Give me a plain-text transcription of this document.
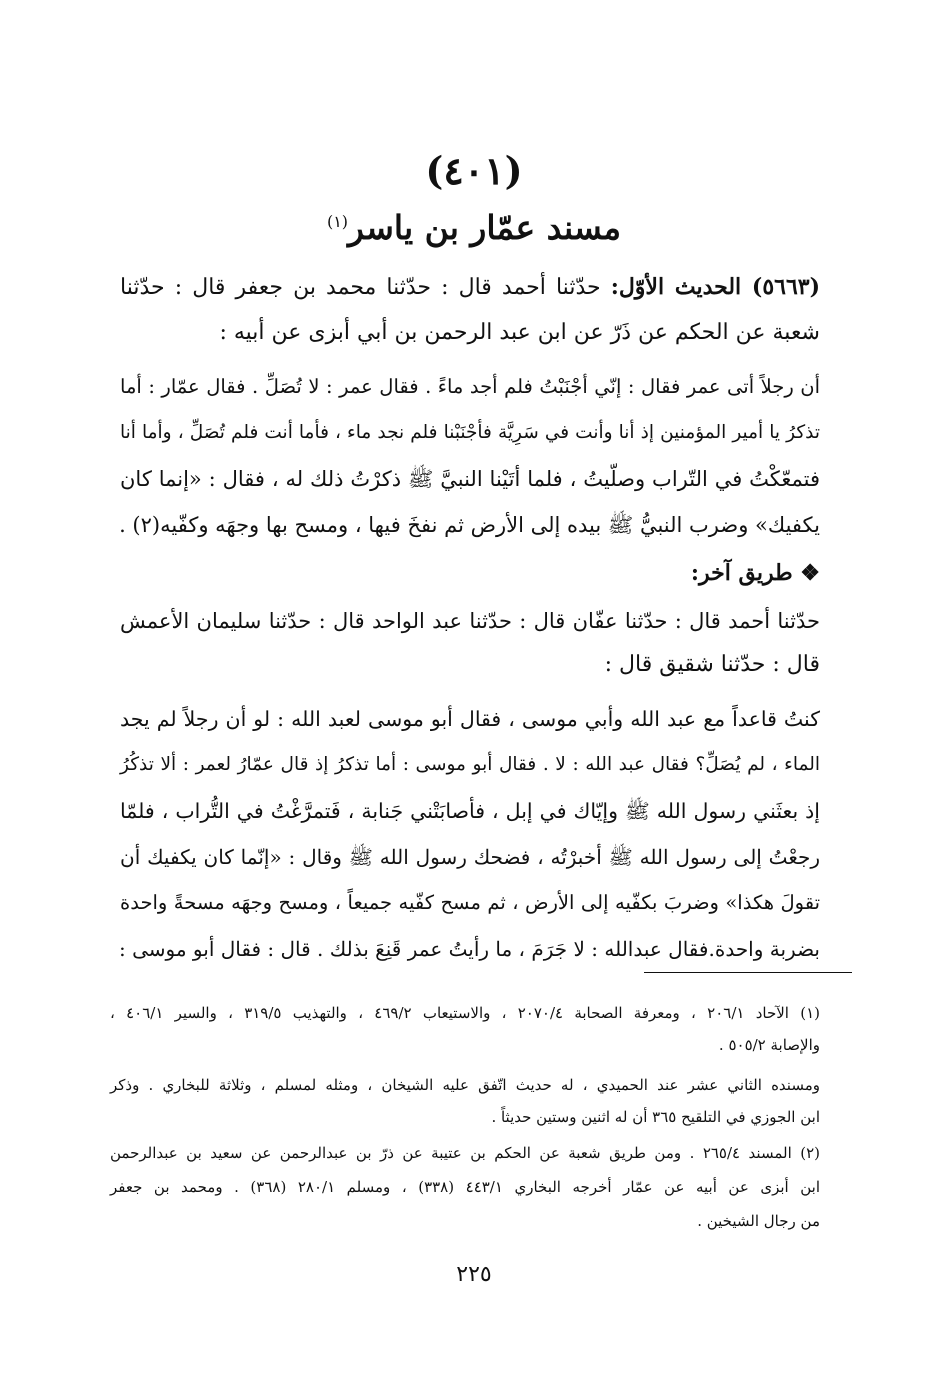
(٤٠١)
مسند عمّار بن ياسر$^{(١)}$
(٥٦٦٣) الحديث الأوّل: حدّثنا أحمد قال : حدّثنا محمد بن جعفر قال : حدّثنا
شعبة عن الحكم عن ذَرّ عن ابن عبد الرحمن بن أبي أبزى عن أبيه :
أن رجلاً أتى عمر فقال : إنّي أجْنَبْتُ فلم أجد ماءً . فقال عمر : لا تُصَلِّ . فقال عمّار : أما
تذكرُ يا أمير المؤمنين إذ أنا وأنت في سَرِيَّة فأجْنَبْنا فلم نجد ماء ، فأما أنت فلم تُصَلِّ ، وأما أنا
فتمعّكْتُ في التّراب وصلّيتُ ، فلما أتَيْنا النبيَّ ﷺ ذكرْتُ ذلك له ، فقال : «إنما كان
يكفيك» وضرب النبيُّ ﷺ بيده إلى الأرض ثم نفخَ فيها ، ومسح بها وجهَه وكفّيه(٢) .
❖ طريق آخر:
حدّثنا أحمد قال : حدّثنا عفّان قال : حدّثنا عبد الواحد قال : حدّثنا سليمان الأعمش
قال : حدّثنا شقيق قال :
كنتُ قاعداً مع عبد الله وأبي موسى ، فقال أبو موسى لعبد الله : لو أن رجلاً لم يجد
الماء ، لم يُصَلِّ؟ فقال عبد الله : لا . فقال أبو موسى : أما تذكرُ إذ قال عمّارُ لعمر : ألا تذكُرُ
إذ بعثَني رسول الله ﷺ وإيّاك في إبل ، فأصابَتْني جَنابة ، فَتمرَّغْتُ في التُّراب ، فلمّا
رجعْتُ إلى رسول الله ﷺ أخبرْتُه ، فضحك رسول الله ﷺ وقال : «إنّما كان يكفيك أن
تقولَ هكذا» وضربَ بكفّيه إلى الأرض ، ثم مسح كفّيه جميعاً ، ومسح وجهَه مسحةً واحدة
بضربة واحدة.فقال عبدالله : لا جَرَمَ ، ما رأيتُ عمر قَنِعَ بذلك . قال : فقال أبو موسى :
(١) الآحاد ٢٠٦/١ ، ومعرفة الصحابة ٢٠٧٠/٤ ، والاستيعاب ٤٦٩/٢ ، والتهذيب ٣١٩/٥ ، والسير ٤٠٦/١ ،
والإصابة ٥٠٥/٢ .
ومسنده الثاني عشر عند الحميدي ، له حديث اتّفق عليه الشيخان ، ومثله لمسلم ، وثلاثة للبخاري . وذكر
ابن الجوزي في التلقيح ٣٦٥ أن له اثنين وستين حديثاً .
(٢) المسند ٢٦٥/٤ . ومن طريق شعبة عن الحكم بن عتيبة عن ذرّ بن عبدالرحمن عن سعيد بن عبدالرحمن
ابن أبزى عن أبيه عن عمّار أخرجه البخاري ٤٤٣/١ (٣٣٨) ، ومسلم ٢٨٠/١ (٣٦٨) . ومحمد بن جعفر
من رجال الشيخين .
٢٢٥
